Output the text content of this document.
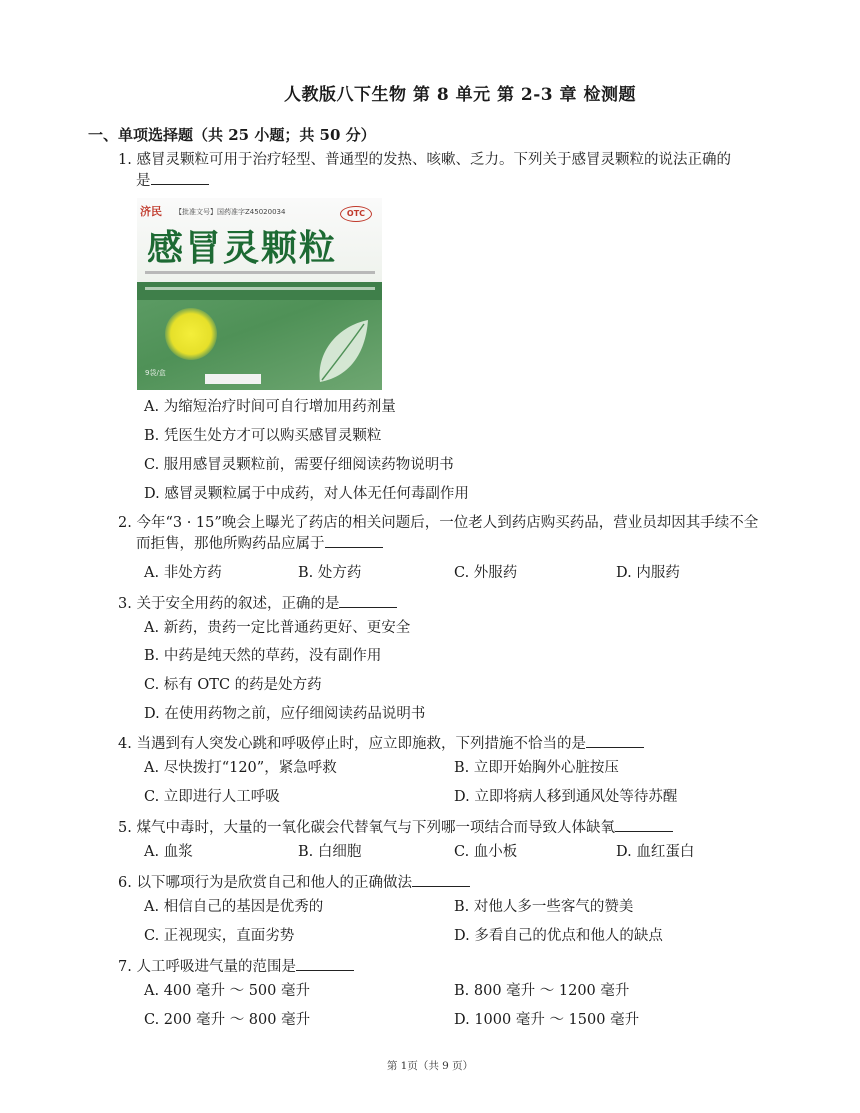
人教版八下生物 第 8 单元 第 2-3 章 检测题
一、单项选择题（共 25 小题；共 50 分）
1. 感冒灵颗粒可用于治疗轻型、普通型的发热、咳嗽、乏力。下列关于感冒灵颗粒的说法正确的
是
济民 【批准文号】国药准字Z45020034	OTC
感冒灵颗粒
9袋/盒
A. 为缩短治疗时间可自行增加用药剂量
B. 凭医生处方才可以购买感冒灵颗粒
C. 服用感冒灵颗粒前，需要仔细阅读药物说明书
D. 感冒灵颗粒属于中成药，对人体无任何毒副作用
2. 今年“3 · 15”晚会上曝光了药店的相关问题后，一位老人到药店购买药品，营业员却因其手续不全
而拒售，那他所购药品应属于
A. 非处方药	B. 处方药	C. 外服药	D. 内服药
3. 关于安全用药的叙述，正确的是
A. 新药，贵药一定比普通药更好、更安全
B. 中药是纯天然的草药，没有副作用
C. 标有 OTC 的药是处方药
D. 在使用药物之前，应仔细阅读药品说明书
4. 当遇到有人突发心跳和呼吸停止时，应立即施救，下列措施不恰当的是
A. 尽快拨打“120”，紧急呼救	B. 立即开始胸外心脏按压
C. 立即进行人工呼吸	D. 立即将病人移到通风处等待苏醒
5. 煤气中毒时，大量的一氧化碳会代替氧气与下列哪一项结合而导致人体缺氧
A. 血浆	B. 白细胞	C. 血小板	D. 血红蛋白
6. 以下哪项行为是欣赏自己和他人的正确做法
A. 相信自己的基因是优秀的	B. 对他人多一些客气的赞美
C. 正视现实，直面劣势	D. 多看自己的优点和他人的缺点
7. 人工呼吸进气量的范围是
A. 400 毫升 ～ 500 毫升	B. 800 毫升 ～ 1200 毫升
C. 200 毫升 ～ 800 毫升	D. 1000 毫升 ～ 1500 毫升
第 1页（共 9 页）
